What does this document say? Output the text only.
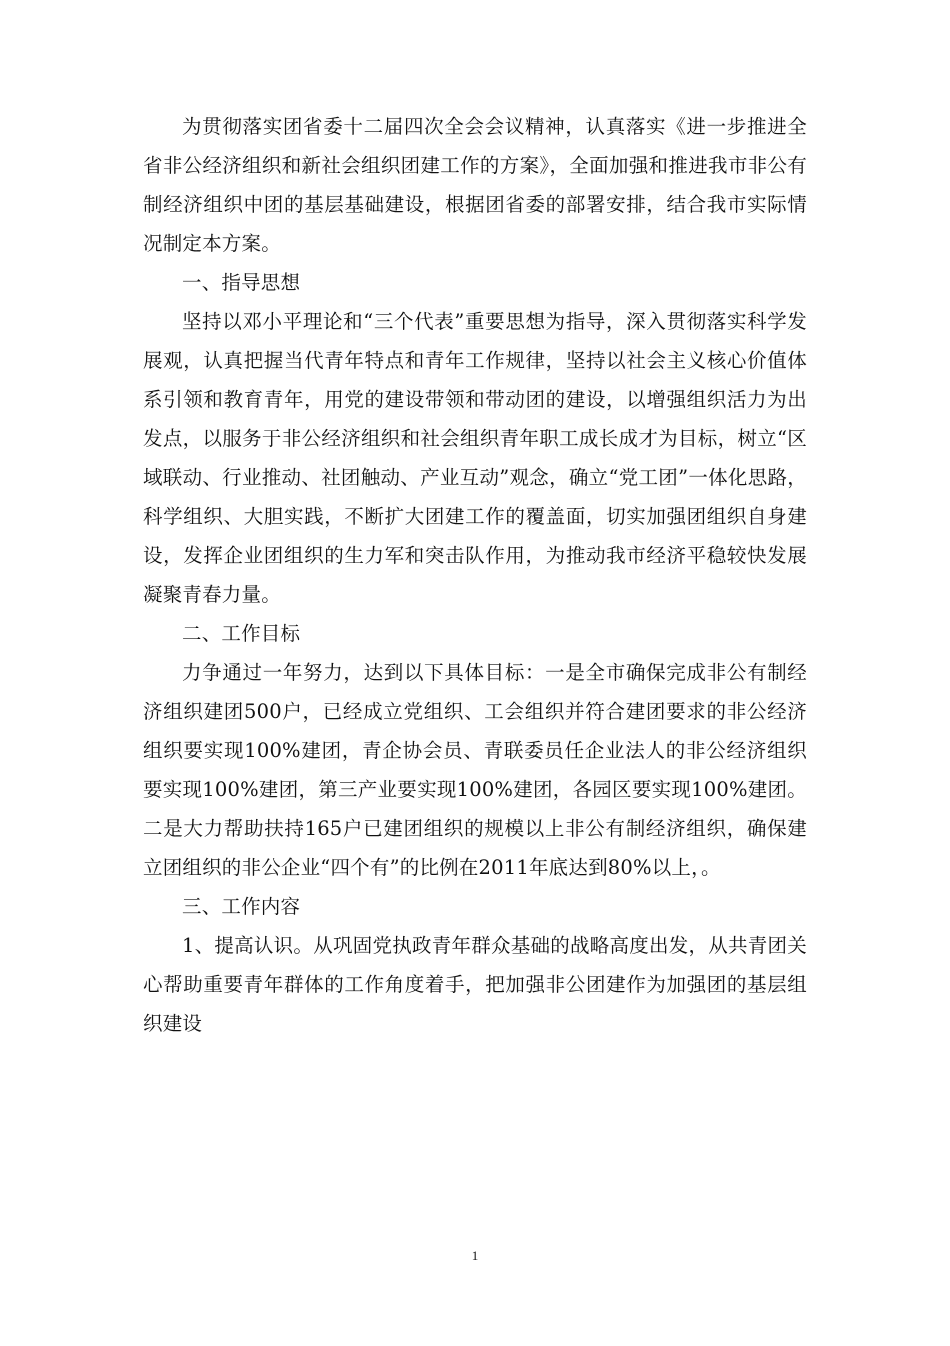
为贯彻落实团省委十二届四次全会会议精神，认真落实《进一步推进全省非公经济组织和新社会组织团建工作的方案》，全面加强和推进我市非公有制经济组织中团的基层基础建设，根据团省委的部署安排，结合我市实际情况制定本方案。

一、指导思想

坚持以邓小平理论和“三个代表”重要思想为指导，深入贯彻落实科学发展观，认真把握当代青年特点和青年工作规律，坚持以社会主义核心价值体系引领和教育青年，用党的建设带领和带动团的建设，以增强组织活力为出发点，以服务于非公经济组织和社会组织青年职工成长成才为目标，树立“区域联动、行业推动、社团触动、产业互动”观念，确立“党工团”一体化思路，科学组织、大胆实践，不断扩大团建工作的覆盖面，切实加强团组织自身建设，发挥企业团组织的生力军和突击队作用，为推动我市经济平稳较快发展凝聚青春力量。

二、工作目标

力争通过一年努力，达到以下具体目标：一是全市确保完成非公有制经济组织建团500户，已经成立党组织、工会组织并符合建团要求的非公经济组织要实现100%建团，青企协会员、青联委员任企业法人的非公经济组织要实现100%建团，第三产业要实现100%建团，各园区要实现100%建团。二是大力帮助扶持165户已建团组织的规模以上非公有制经济组织，确保建立团组织的非公企业“四个有”的比例在2011年底达到80%以上，。

三、工作内容

1、提高认识。从巩固党执政青年群众基础的战略高度出发，从共青团关心帮助重要青年群体的工作角度着手，把加强非公团建作为加强团的基层组织建设

1
